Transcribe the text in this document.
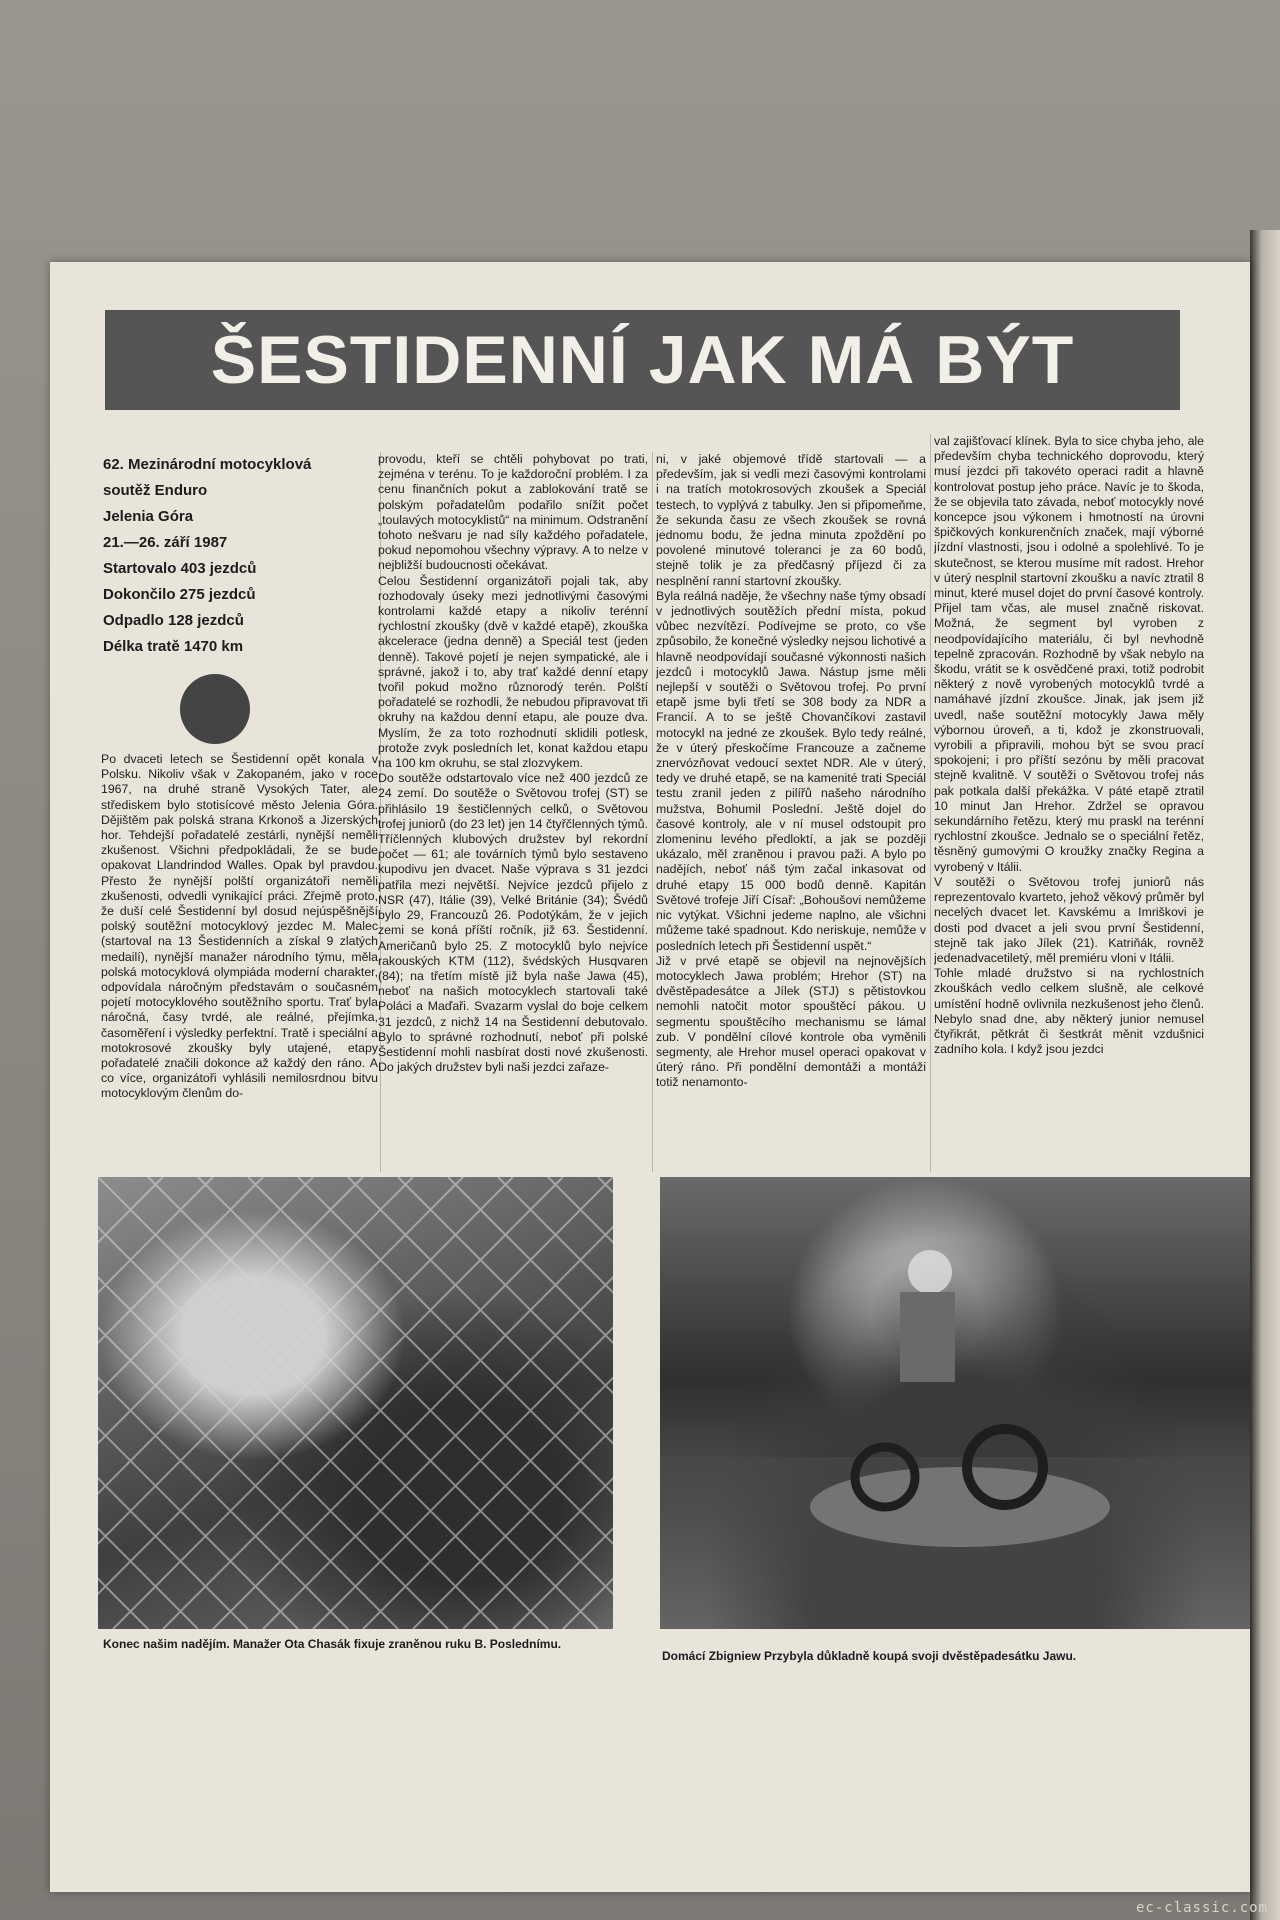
ŠESTIDENNÍ JAK MÁ BÝT
62. Mezinárodní motocyklová
soutěž Enduro
Jelenia Góra
21.—26. září 1987
Startovalo 403 jezdců
Dokončilo 275 jezdců
Odpadlo 128 jezdců
Délka tratě 1470 km

Po dvaceti letech se Šestidenní opět konala v Polsku. Nikoliv však v Zakopaném, jako v roce 1967, na druhé straně Vysokých Tater, ale střediskem bylo stotisícové město Jelenia Góra. Dějištěm pak polská strana Krkonoš a Jizerských hor. Tehdejší pořadatelé zestárli, nynější neměli zkušenost. Všichni předpokládali, že se bude opakovat Llandrindod Walles. Opak byl pravdou. Přesto že nynější polští organizátoři neměli zkušenosti, odvedli vynikající práci. Zřejmě proto, že duší celé Šestidenní byl dosud nejúspěšnější polský soutěžní motocyklový jezdec M. Malec (startoval na 13 Šestidenních a získal 9 zlatých medailí), nynější manažer národního týmu, měla polská motocyklová olympiáda moderní charakter, odpovídala náročným představám o současném pojetí motocyklového soutěžního sportu. Trať byla náročná, časy tvrdé, ale reálné, přejímka, časoměření i výsledky perfektní. Tratě i speciální a motokrosové zkoušky byly utajené, etapy pořadatelé značili dokonce až každý den ráno. A co více, organizátoři vyhlásili nemilosrdnou bitvu motocyklovým členům do-

provodu, kteří se chtěli pohybovat po trati, zejména v terénu. To je každoroční problém. I za cenu finančních pokut a zablokování tratě se polským pořadatelům podařilo snížit počet „toulavých motocyklistů“ na minimum. Odstranění tohoto nešvaru je nad síly každého pořadatele, pokud nepomohou všechny výpravy. A to nelze v nejbližší budoucnosti očekávat.

Celou Šestidenní organizátoři pojali tak, aby rozhodovaly úseky mezi jednotlivými časovými kontrolami každé etapy a nikoliv terénní rychlostní zkoušky (dvě v každé etapě), zkouška akcelerace (jedna denně) a Speciál test (jeden denně). Takové pojetí je nejen sympatické, ale i správné, jakož i to, aby trať každé denní etapy tvořil pokud možno různorodý terén. Polští pořadatelé se rozhodli, že nebudou připravovat tři okruhy na každou denní etapu, ale pouze dva. Myslím, že za toto rozhodnutí sklidili potlesk, protože zvyk posledních let, konat každou etapu na 100 km okruhu, se stal zlozvykem.

Do soutěže odstartovalo více než 400 jezdců ze 24 zemí. Do soutěže o Světovou trofej (ST) se přihlásilo 19 šestičlenných celků, o Světovou trofej juniorů (do 23 let) jen 14 čtyřčlenných týmů. Tříčlenných klubových družstev byl rekordní počet — 61; ale továrních týmů bylo sestaveno kupodivu jen dvacet. Naše výprava s 31 jezdci patřila mezi největší. Nejvíce jezdců přijelo z NSR (47), Itálie (39), Velké Británie (34); Švédů bylo 29, Francouzů 26. Podotýkám, že v jejich zemi se koná příští ročník, již 63. Šestidenní. Američanů bylo 25. Z motocyklů bylo nejvíce rakouských KTM (112), švédských Husqvaren (84); na třetím místě již byla naše Jawa (45), neboť na našich motocyklech startovali také Poláci a Maďaři. Svazarm vyslal do boje celkem 31 jezdců, z nichž 14 na Šestidenní debutovalo. Bylo to správné rozhodnutí, neboť při polské Šestidenní mohli nasbírat dosti nové zkušenosti. Do jakých družstev byli naši jezdci zařaze-

ni, v jaké objemové třídě startovali — a především, jak si vedli mezi časovými kontrolami i na tratích motokrosových zkoušek a Speciál testech, to vyplývá z tabulky. Jen si připomeňme, že sekunda času ze všech zkoušek se rovná jednomu bodu, že jedna minuta zpoždění po povolené minutové toleranci je za 60 bodů, stejně tolik je za předčasný příjezd či za nesplnění ranní startovní zkoušky.

Byla reálná naděje, že všechny naše týmy obsadí v jednotlivých soutěžích přední místa, pokud vůbec nezvítězí. Podívejme se proto, co vše způsobilo, že konečné výsledky nejsou lichotivé a hlavně neodpovídají současné výkonnosti našich jezdců i motocyklů Jawa. Nástup jsme měli nejlepší v soutěži o Světovou trofej. Po první etapě jsme byli třetí se 308 body za NDR a Francií. A to se ještě Chovančíkovi zastavil motocykl na jedné ze zkoušek. Bylo tedy reálné, že v úterý přeskočíme Francouze a začneme znervózňovat vedoucí sextet NDR. Ale v úterý, tedy ve druhé etapě, se na kamenité trati Speciál testu zranil jeden z pilířů našeho národního mužstva, Bohumil Poslední. Ještě dojel do časové kontroly, ale v ní musel odstoupit pro zlomeninu levého předloktí, a jak se později ukázalo, měl zraněnou i pravou paži. A bylo po nadějích, neboť náš tým začal inkasovat od druhé etapy 15 000 bodů denně. Kapitán Světové trofeje Jiří Císař: „Bohoušovi nemůžeme nic vytýkat. Všichni jedeme naplno, ale všichni můžeme také spadnout. Kdo neriskuje, nemůže v posledních letech při Šestidenní uspět.“

Již v prvé etapě se objevil na nejnovějších motocyklech Jawa problém; Hrehor (ST) na dvěstěpadesátce a Jílek (STJ) s pětistovkou nemohli natočit motor spouštěcí pákou. U segmentu spouštěcího mechanismu se lámal zub. V pondělní cílové kontrole oba vyměnili segmenty, ale Hrehor musel operaci opakovat v úterý ráno. Při pondělní demontáži a montáži totiž nenamonto-

val zajišťovací klínek. Byla to sice chyba jeho, ale především chyba technického doprovodu, který musí jezdci při takovéto operaci radit a hlavně kontrolovat postup jeho práce. Navíc je to škoda, že se objevila tato závada, neboť motocykly nové koncepce jsou výkonem i hmotností na úrovni špičkových konkurenčních značek, mají výborné jízdní vlastnosti, jsou i odolné a spolehlivé. To je skutečnost, se kterou musíme mít radost. Hrehor v úterý nesplnil startovní zkoušku a navíc ztratil 8 minut, které musel dojet do první časové kontroly. Přijel tam včas, ale musel značně riskovat. Možná, že segment byl vyroben z neodpovídajícího materiálu, či byl nevhodně tepelně zpracován. Rozhodně by však nebylo na škodu, vrátit se k osvědčené praxi, totiž podrobit některý z nově vyrobených motocyklů tvrdé a namáhavé jízdní zkoušce. Jinak, jak jsem již uvedl, naše soutěžní motocykly Jawa měly výbornou úroveň, a ti, kdož je zkonstruovali, vyrobili a připravili, mohou být se svou prací spokojeni; i pro příští sezónu by měli pracovat stejně kvalitně. V soutěži o Světovou trofej nás pak potkala další překážka. V páté etapě ztratil 10 minut Jan Hrehor. Zdržel se opravou sekundárního řetězu, který mu praskl na terénní rychlostní zkoušce. Jednalo se o speciální řetěz, těsněný gumovými O kroužky značky Regina a vyrobený v Itálii.

V soutěži o Světovou trofej juniorů nás reprezentovalo kvarteto, jehož věkový průměr byl necelých dvacet let. Kavskému a Imrіškovi je dosti pod dvacet a jeli svou první Šestidenní, stejně tak jako Jílek (21). Katriňák, rovněž jedenadvacetiletý, měl premiéru vloni v Itálii.

Tohle mladé družstvo si na rychlostních zkouškách vedlo celkem slušně, ale celkové umístění hodně ovlivnila nezkušenost jeho členů. Nebylo snad dne, aby některý junior nemusel čtyřikrát, pětkrát či šestkrát měnit vzdušnici zadního kola. I když jsou jezdci

Konec našim nadějím. Manažer Ota Chasák fixuje zraněnou ruku B. Poslednímu.
Domácí Zbigniew Przybyla důkladně koupá svoji dvěstěpadesátku Jawu.
ec-classic.com
